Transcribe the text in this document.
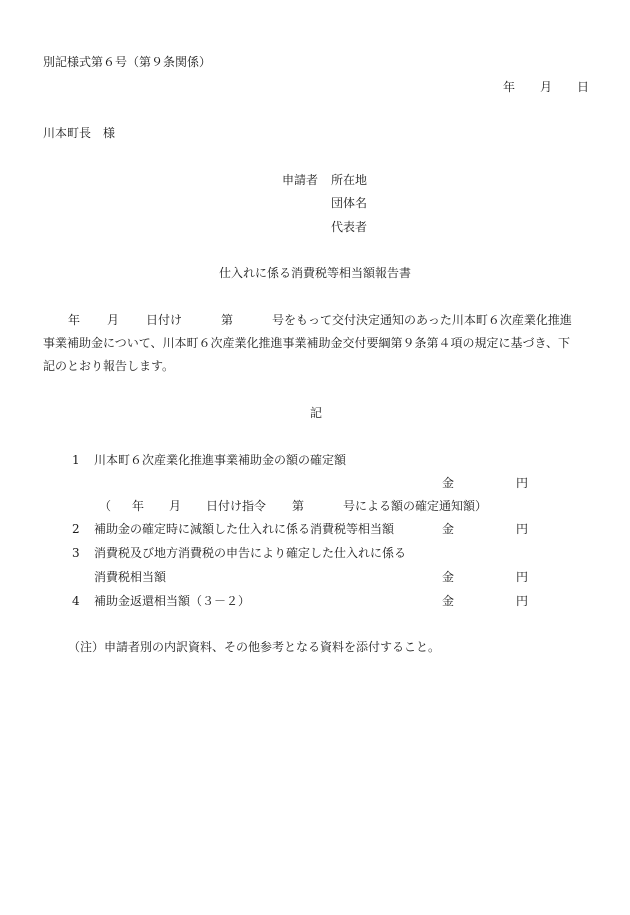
別記様式第６号（第９条関係）
年 月 日
川本町長　様
申請者 所在地
団体名
代表者
仕入れに係る消費税等相当額報告書
年 月 日付け	第	号をもって交付決定通知のあった川本町６次産業化推進
事業補助金について、川本町６次産業化推進事業補助金交付要綱第９条第４項の規定に基づき、下
記のとおり報告します。
記
1 川本町６次産業化推進事業補助金の額の確定額
金	円
（ 年 月 日付け指令 第	号による額の確定通知額）
2 補助金の確定時に減額した仕入れに係る消費税等相当額	金	円
3 消費税及び地方消費税の申告により確定した仕入れに係る
消費税相当額	金	円
4 補助金返還相当額（３－２）	金	円
（注）申請者別の内訳資料、その他参考となる資料を添付すること。
